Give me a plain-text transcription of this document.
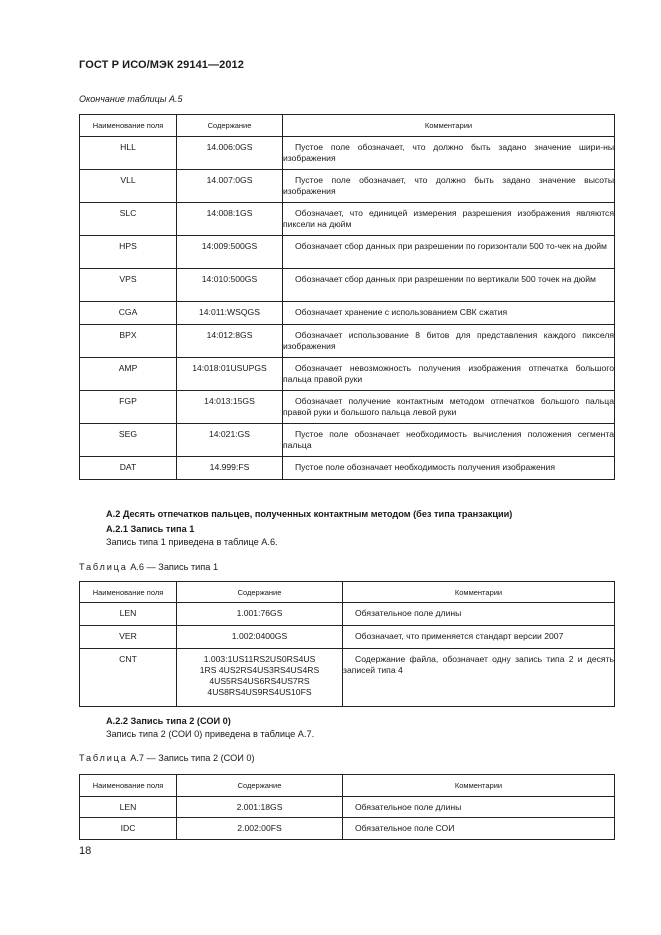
ГОСТ Р ИСО/МЭК 29141—2012
Окончание таблицы А.5
Наименование поля	Содержание	Комментарии
HLL	14.006:0GS	Пустое поле обозначает, что должно быть задано значение шири-ны изображения

VLL	14.007:0GS	Пустое поле обозначает, что должно быть задано значение высоты изображения

SLC	14:008:1GS	Обозначает, что единицей измерения разрешения изображения являются пиксели на дюйм

HPS	14:009:500GS	Обозначает сбор данных при разрешении по горизонтали 500 то-чек на дюйм

VPS	14:010:500GS	Обозначает сбор данных при разрешении по вертикали 500 точек на дюйм

CGA	14:011:WSQGS	Обозначает хранение с использованием СВК сжатия

BPX	14:012:8GS	Обозначает использование 8 битов для представления каждого пикселя изображения

AMP	14:018:01USUPGS	Обозначает невозможность получения изображения отпечатка большого пальца правой руки

FGP	14:013:15GS	Обозначает получение контактным методом отпечатков большого пальца правой руки и большого пальца левой руки

SEG	14:021:GS	Пустое поле обозначает необходимость вычисления положения сегмента пальца

DAT	14.999:FS	Пустое поле обозначает необходимость получения изображения
А.2 Десять отпечатков пальцев, полученных контактным методом (без типа транзакции)
А.2.1 Запись типа 1
Запись типа 1 приведена в таблице А.6.
Таблица А.6 — Запись типа 1
Наименование поля	Содержание	Комментарии
LEN	1.001:76GS	Обязательное поле длины

VER	1.002:0400GS	Обозначает, что применяется стандарт версии 2007

CNT	1.003:1US11RS2US0RS4US
1RS 4US2RS4US3RS4US4RS
4US5RS4US6RS4US7RS
4US8RS4US9RS4US10FS	Содержание файла, обозначает одну запись типа 2 и десять записей типа 4
А.2.2 Запись типа 2 (СОИ 0)
Запись типа 2 (СОИ 0) приведена в таблице А.7.
Таблица А.7 — Запись типа 2 (СОИ 0)
Наименование поля	Содержание	Комментарии
LEN	2.001:18GS	Обязательное поле длины

IDC	2.002:00FS	Обязательное поле СОИ
18
